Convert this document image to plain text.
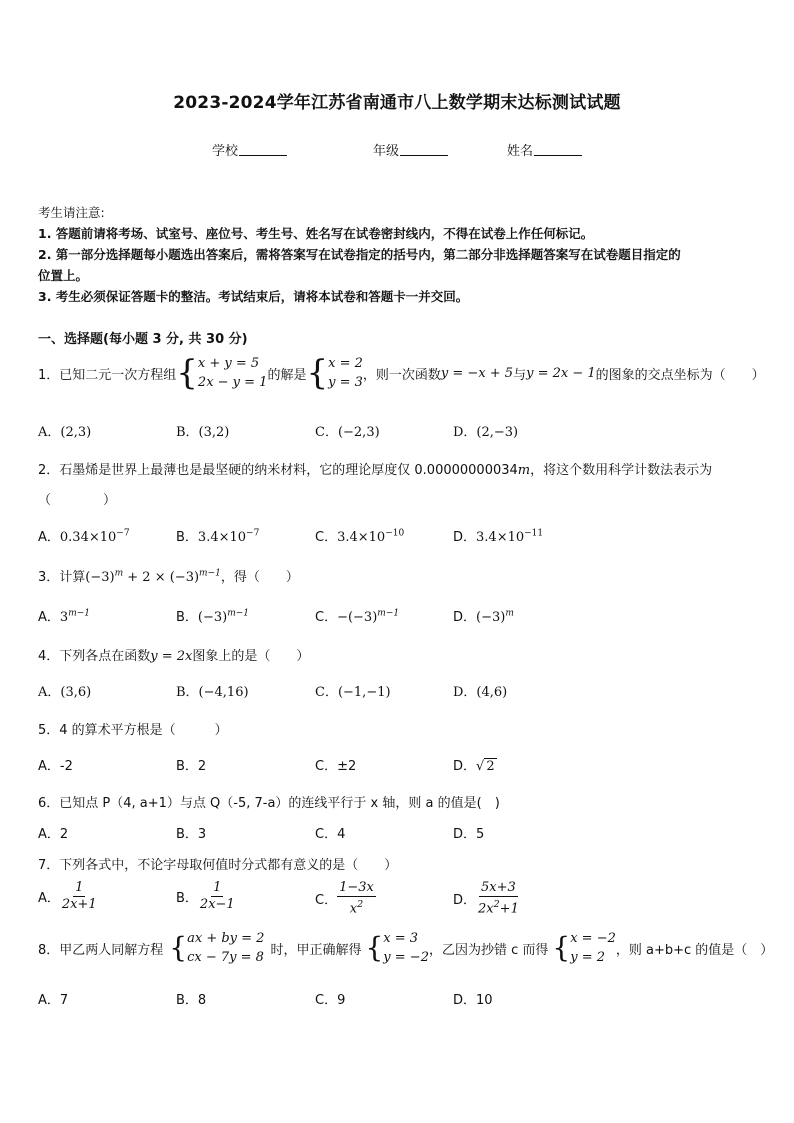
2023-2024学年江苏省南通市八上数学期末达标测试试题
学校	年级	姓名
考生请注意:
1. 答题前请将考场、试室号、座位号、考生号、姓名写在试卷密封线内，不得在试卷上作任何标记。
2. 第一部分选择题每小题选出答案后，需将答案写在试卷指定的括号内，第二部分非选择题答案写在试卷题目指定的
位置上。
3. 考生必须保证答题卡的整洁。考试结束后，请将本试卷和答题卡一并交回。
一、选择题(每小题 3 分, 共 30 分)
1．已知二元一次方程组 { x + y = 5
2x − y = 1 的解是 { x = 2
y = 3 ，则一次函数 y = −x + 5 与 y = 2x − 1 的图象的交点坐标为（　　）
A．(2,3)	B．(3,2)	C．(−2,3)	D．(2,−3)
2．石墨烯是世界上最薄也是最坚硬的纳米材料，它的理论厚度仅 0.00000000034m，将这个数用科学计数法表示为
（　　　　）
A．$0.34\times 10^{-7}$	B．$3.4\times 10^{-7}$	C．$3.4\times 10^{-10}$	D．$3.4\times 10^{-11}$
3．计算$(-3)^m + 2 \times (-3)^{m-1}$，得（　　）
A．$3^{m-1}$	B．$(-3)^{m-1}$	C．$-(-3)^{m-1}$	D．$(-3)^m$
4．下列各点在函数y = 2x图象上的是（　　）
A．(3,6)	B．(−4,16)	C．(−1,−1)	D．(4,6)
5．4 的算术平方根是（　　　）
A．-2	B．2	C．±2	D．√ 2
6．已知点 P（4, a+1）与点 Q（-5, 7-a）的连线平行于 x 轴，则 a 的值是(　)
A．2	B．3	C．4	D．5
7．下列各式中，不论字母取何值时分式都有意义的是（　　）
A． $\frac{1}{2x+1}$	B． $\frac{1}{2x-1}$	C． $\frac{1-3x}{x^2}$	D． $\frac{5x+3}{2x^2+1}$
8．甲乙两人同解方程 { ax + by = 2
cx − 7y = 8 时，甲正确解得 { x = 3
y = −2 ，乙因为抄错 c 而得 { x = −2
y = 2 ，则 a+b+c 的值是（　）
A．7	B．8	C．9	D．10
